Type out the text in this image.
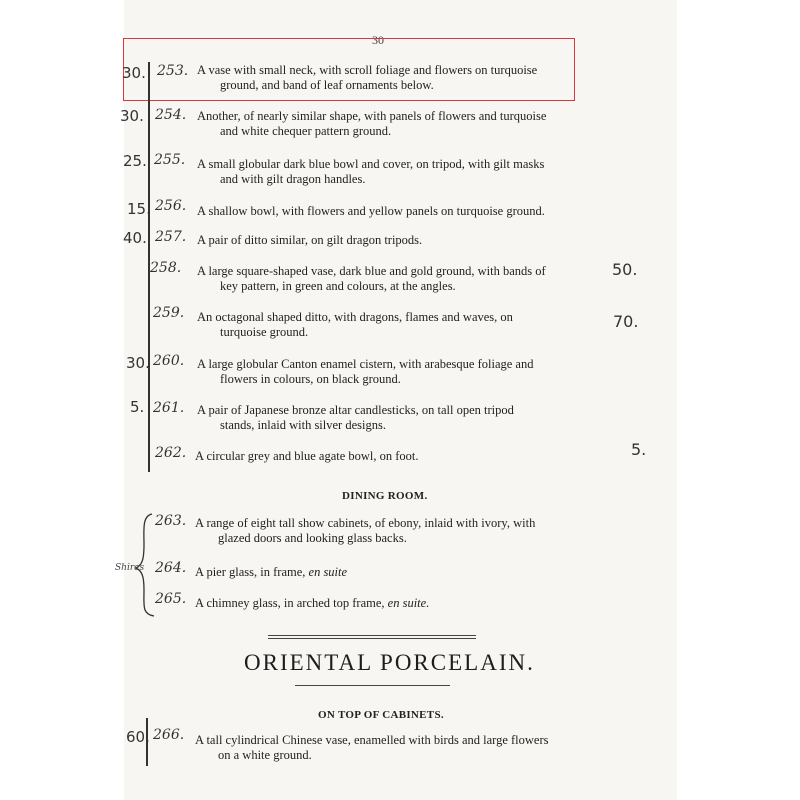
30
30. 253. A vase with small neck, with scroll foliage and flowers on turquoise
ground, and band of leaf ornaments below.
30. 254. Another, of nearly similar shape, with panels of flowers and turquoise
and white chequer pattern ground.
25. 255. A small globular dark blue bowl and cover, on tripod, with gilt masks
and with gilt dragon handles.
15. 256. A shallow bowl, with flowers and yellow panels on turquoise ground.
40. 257. A pair of ditto similar, on gilt dragon tripods.
258. A large square-shaped vase, dark blue and gold ground, with bands of
key pattern, in green and colours, at the angles.
50.
259. An octagonal shaped ditto, with dragons, flames and waves, on
turquoise ground.
70.
30. 260. A large globular Canton enamel cistern, with arabesque foliage and
flowers in colours, on black ground.
5. 261. A pair of Japanese bronze altar candlesticks, on tall open tripod
stands, inlaid with silver designs.
262. A circular grey and blue agate bowl, on foot.	5.
DINING ROOM.
Shires
263. A range of eight tall show cabinets, of ebony, inlaid with ivory, with
glazed doors and looking glass backs.
264. A pier glass, in frame, en suite
265. A chimney glass, in arched top frame, en suite.
ORIENTAL PORCELAIN.
ON TOP OF CABINETS.
60. 266. A tall cylindrical Chinese vase, enamelled with birds and large flowers
on a white ground.
